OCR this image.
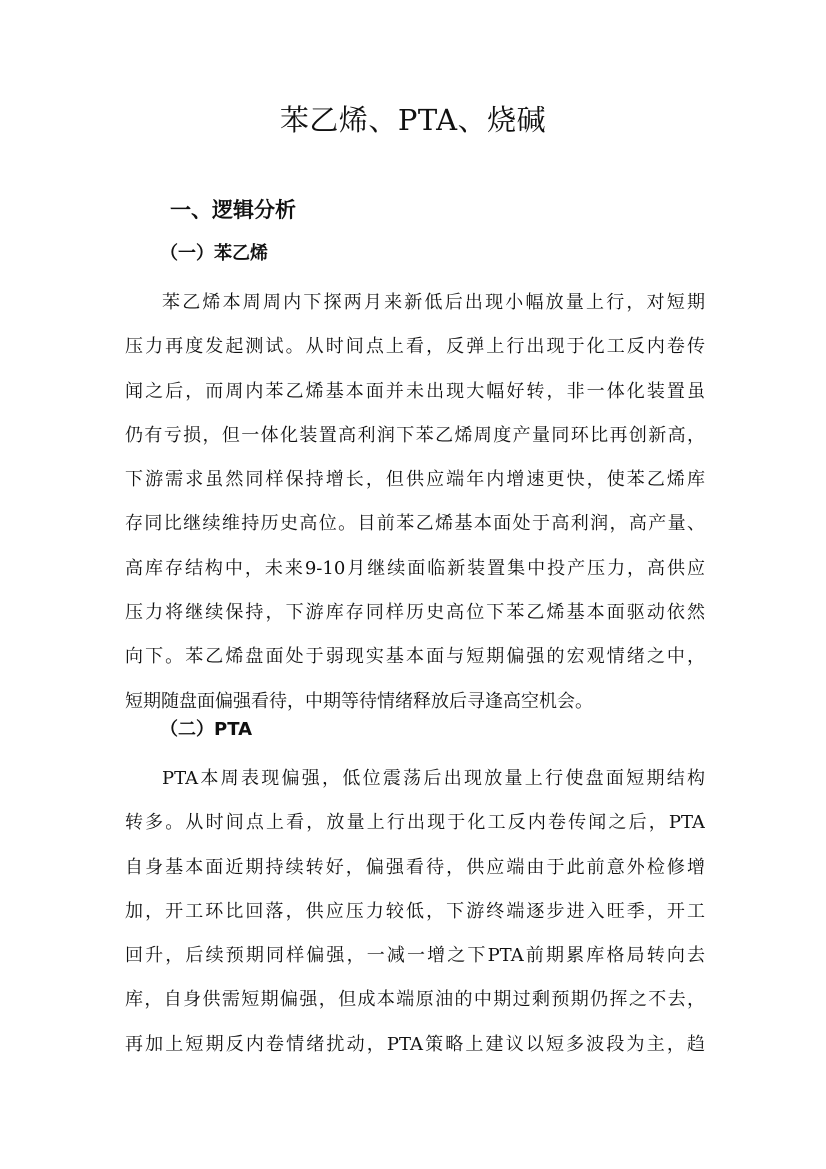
苯乙烯、PTA、烧碱
一、逻辑分析
（一）苯乙烯
苯乙烯本周周内下探两月来新低后出现小幅放量上行，对短期
压力再度发起测试。从时间点上看，反弹上行出现于化工反内卷传
闻之后，而周内苯乙烯基本面并未出现大幅好转，非一体化装置虽
仍有亏损，但一体化装置高利润下苯乙烯周度产量同环比再创新高，
下游需求虽然同样保持增长，但供应端年内增速更快，使苯乙烯库
存同比继续维持历史高位。目前苯乙烯基本面处于高利润，高产量、
高库存结构中，未来9-10月继续面临新装置集中投产压力，高供应
压力将继续保持，下游库存同样历史高位下苯乙烯基本面驱动依然
向下。苯乙烯盘面处于弱现实基本面与短期偏强的宏观情绪之中，
短期随盘面偏强看待，中期等待情绪释放后寻逢高空机会。
（二）PTA
PTA本周表现偏强，低位震荡后出现放量上行使盘面短期结构
转多。从时间点上看，放量上行出现于化工反内卷传闻之后，PTA
自身基本面近期持续转好，偏强看待，供应端由于此前意外检修增
加，开工环比回落，供应压力较低，下游终端逐步进入旺季，开工
回升，后续预期同样偏强，一减一增之下PTA前期累库格局转向去
库，自身供需短期偏强，但成本端原油的中期过剩预期仍挥之不去，
再加上短期反内卷情绪扰动，PTA策略上建议以短多波段为主，趋
